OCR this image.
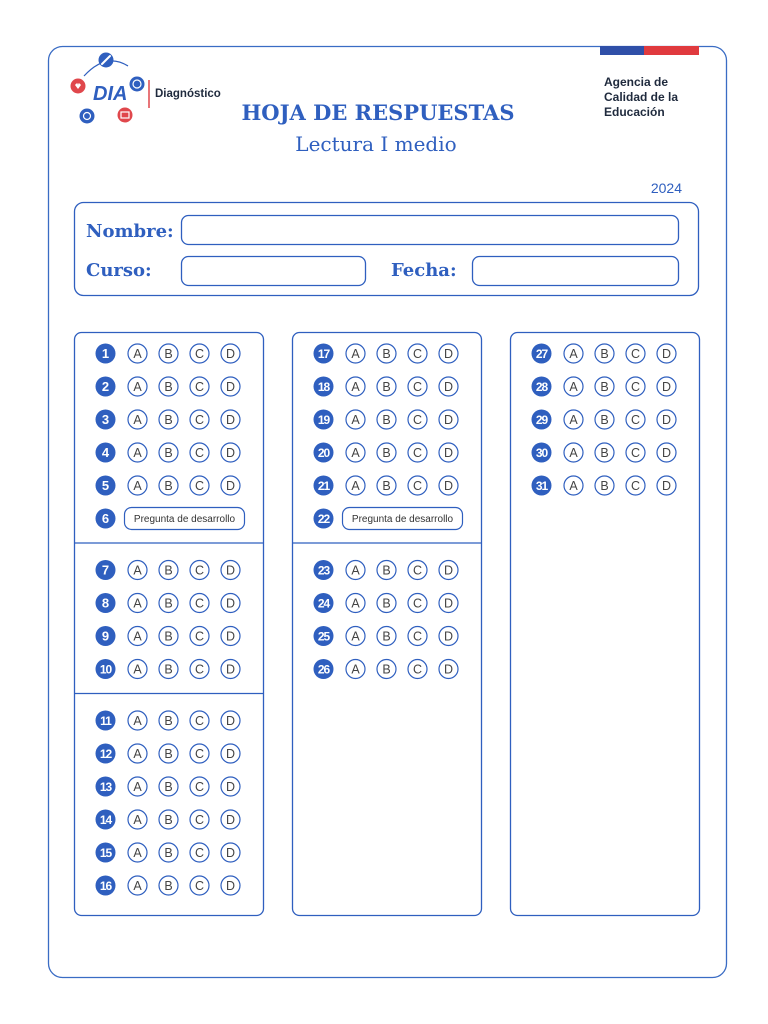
DIA Diagnóstico
Agencia de
Calidad de la
Educación
HOJA DE RESPUESTAS
Lectura I medio
2024
Nombre:
Curso:	Fecha:
1 A B C D
2 A B C D
3 A B C D
4 A B C D
5 A B C D
6 Pregunta de desarrollo
7 A B C D
8 A B C D
9 A B C D
10 A B C D
11 A B C D
12 A B C D
13 A B C D
14 A B C D
15 A B C D
16 A B C D
17 A B C D
18 A B C D
19 A B C D
20 A B C D
21 A B C D
22 Pregunta de desarrollo
23 A B C D
24 A B C D
25 A B C D
26 A B C D
27 A B C D
28 A B C D
29 A B C D
30 A B C D
31 A B C D
